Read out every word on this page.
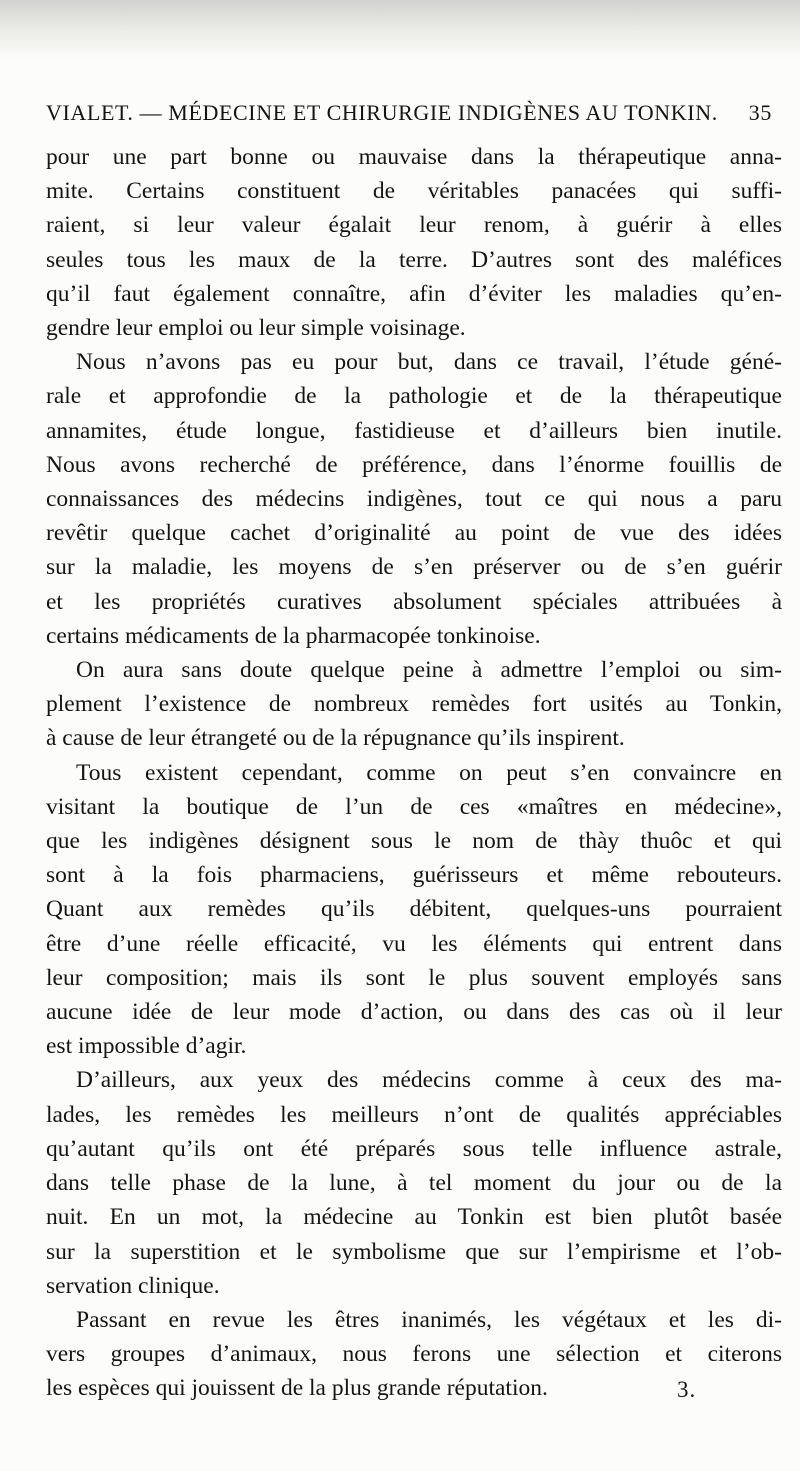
VIALET. — MÉDECINE ET CHIRURGIE INDIGÈNES AU TONKIN. 35
pour une part bonne ou mauvaise dans la thérapeutique anna-
mite. Certains constituent de véritables panacées qui suffi-
raient, si leur valeur égalait leur renom, à guérir à elles
seules tous les maux de la terre. D’autres sont des maléfices
qu’il faut également connaître, afin d’éviter les maladies qu’en-
gendre leur emploi ou leur simple voisinage.
Nous n’avons pas eu pour but, dans ce travail, l’étude géné-
rale et approfondie de la pathologie et de la thérapeutique
annamites, étude longue, fastidieuse et d’ailleurs bien inutile.
Nous avons recherché de préférence, dans l’énorme fouillis de
connaissances des médecins indigènes, tout ce qui nous a paru
revêtir quelque cachet d’originalité au point de vue des idées
sur la maladie, les moyens de s’en préserver ou de s’en guérir
et les propriétés curatives absolument spéciales attribuées à
certains médicaments de la pharmacopée tonkinoise.
On aura sans doute quelque peine à admettre l’emploi ou sim-
plement l’existence de nombreux remèdes fort usités au Tonkin,
à cause de leur étrangeté ou de la répugnance qu’ils inspirent.
Tous existent cependant, comme on peut s’en convaincre en
visitant la boutique de l’un de ces «maîtres en médecine»,
que les indigènes désignent sous le nom de thày thuôc et qui
sont à la fois pharmaciens, guérisseurs et même rebouteurs.
Quant aux remèdes qu’ils débitent, quelques-uns pourraient
être d’une réelle efficacité, vu les éléments qui entrent dans
leur composition; mais ils sont le plus souvent employés sans
aucune idée de leur mode d’action, ou dans des cas où il leur
est impossible d’agir.
D’ailleurs, aux yeux des médecins comme à ceux des ma-
lades, les remèdes les meilleurs n’ont de qualités appréciables
qu’autant qu’ils ont été préparés sous telle influence astrale,
dans telle phase de la lune, à tel moment du jour ou de la
nuit. En un mot, la médecine au Tonkin est bien plutôt basée
sur la superstition et le symbolisme que sur l’empirisme et l’ob-
servation clinique.
Passant en revue les êtres inanimés, les végétaux et les di-
vers groupes d’animaux, nous ferons une sélection et citerons
les espèces qui jouissent de la plus grande réputation.	3.
